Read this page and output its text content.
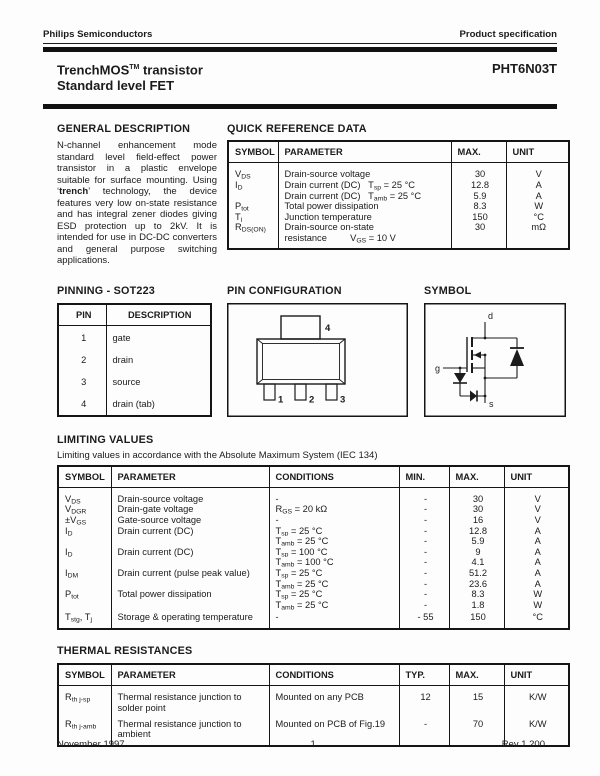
Philips Semiconductors	Product specification
TrenchMOS™ transistor
Standard level FET
PHT6N03T
GENERAL DESCRIPTION	QUICK REFERENCE DATA
N-channel enhancement mode standard level field-effect power transistor in a plastic envelope suitable for surface mounting. Using ‘trench’ technology, the device features very low on-state resistance and has integral zener diodes giving ESD protection up to 2kV. It is intended for use in DC-DC converters and general purpose switching applications.
SYMBOL	PARAMETER	MAX.	UNIT
$V_{DS}$	Drain-source voltage	30	V
$I_D$	Drain current (DC)   $T_{sp} = 25$ °C	12.8	A
	Drain current (DC)   $T_{amb} = 25$ °C	5.9	A
$P_{tot}$	Total power dissipation	8.3	W
$T_j$	Junction temperature	150	°C
$R_{DS(ON)}$	Drain-source on-state	30	mΩ
	resistance         $V_{GS} = 10$ V		
PINNING - SOT223	PIN CONFIGURATION	SYMBOL
PIN	DESCRIPTION
1	gate
2	drain
3	source
4	drain (tab)
4
1	2	3
d
g
s
LIMITING VALUES
Limiting values in accordance with the Absolute Maximum System (IEC 134)
SYMBOL	PARAMETER	CONDITIONS	MIN.	MAX.	UNIT
$V_{DS}$	Drain-source voltage	-	-	30	V
$V_{DGR}$	Drain-gate voltage	$R_{GS} = 20$ kΩ	-	30	V
$\pm V_{GS}$	Gate-source voltage	-	-	16	V
$I_D$	Drain current (DC)	$T_{sp} = 25$ °C	-	12.8	A
		$T_{amb} = 25$ °C	-	5.9	A
$I_D$	Drain current (DC)	$T_{sp} = 100$ °C	-	9	A
		$T_{amb} = 100$ °C	-	4.1	A
$I_{DM}$	Drain current (pulse peak value)	$T_{sp} = 25$ °C	-	51.2	A
		$T_{amb} = 25$ °C	-	23.6	A
$P_{tot}$	Total power dissipation	$T_{sp} = 25$ °C	-	8.3	W
		$T_{amb} = 25$ °C	-	1.8	W
$T_{stg}$, $T_j$	Storage & operating temperature	-	- 55	150	°C
THERMAL RESISTANCES
SYMBOL	PARAMETER	CONDITIONS	TYP.	MAX.	UNIT
$R_{th j-sp}$	Thermal resistance junction to solder point	Mounted on any PCB	12	15	K/W
$R_{th j-amb}$	Thermal resistance junction to ambient	Mounted on PCB of Fig.19	-	70	K/W
November 1997	1	Rev 1.200
